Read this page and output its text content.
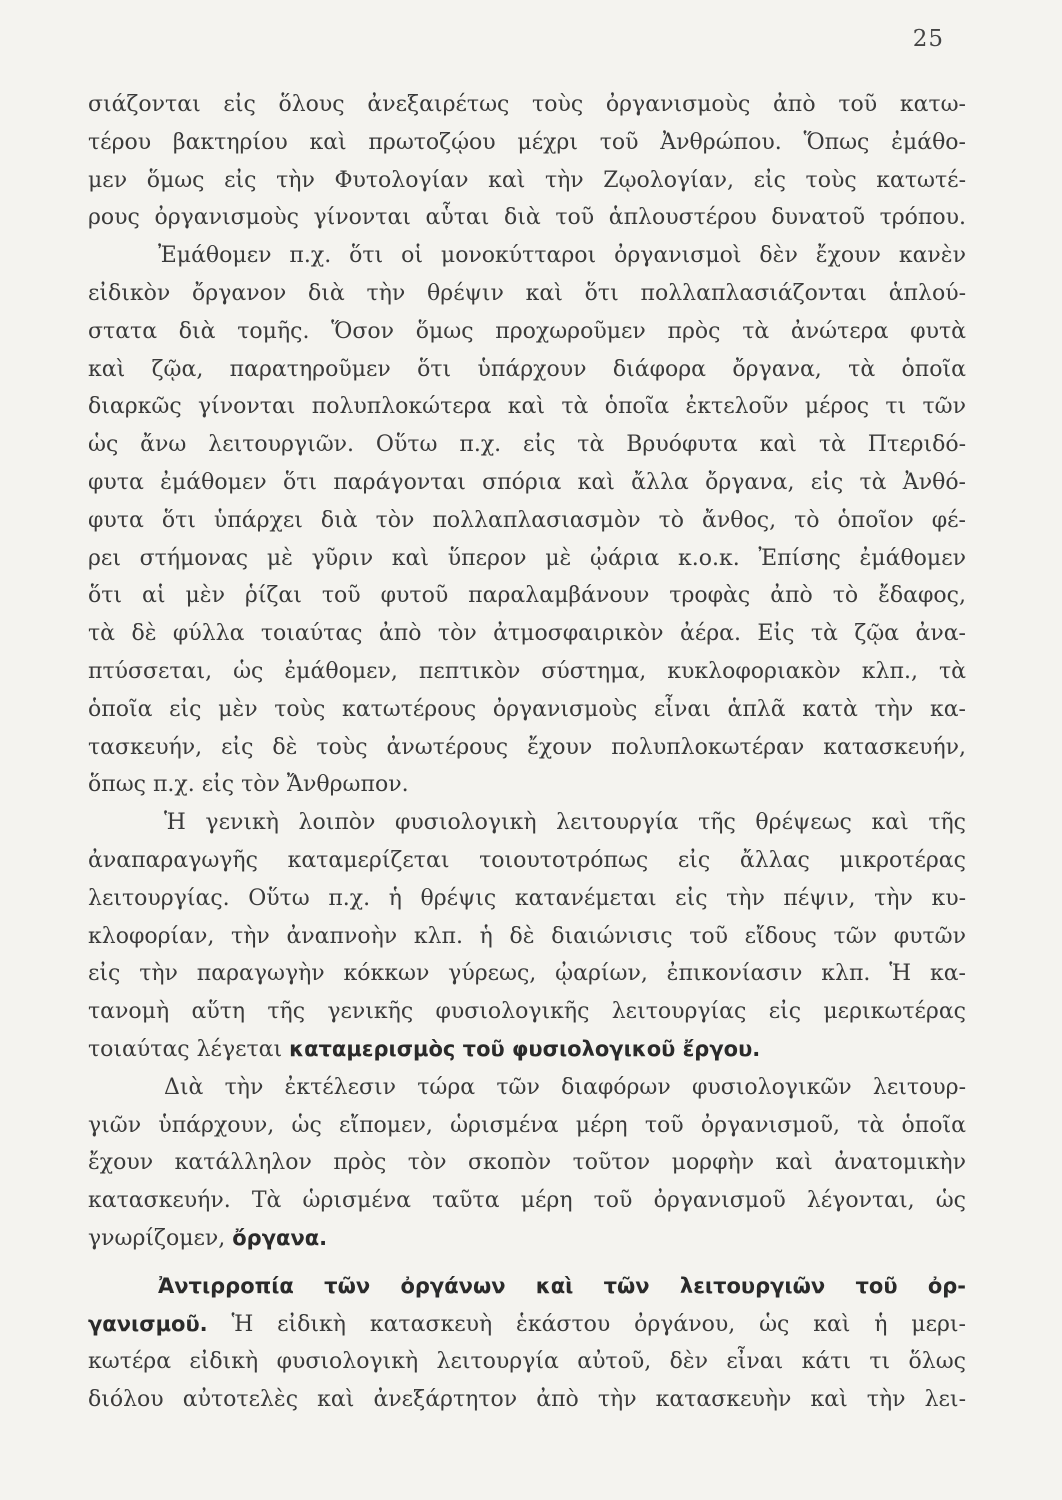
25
σιάζονται εἰς ὅλους ἀνεξαιρέτως τοὺς ὀργανισμοὺς ἀπὸ τοῦ κατω-
τέρου βακτηρίου καὶ πρωτοζῴου μέχρι τοῦ Ἀνθρώπου. Ὅπως ἐμάθο-
μεν ὅμως εἰς τὴν Φυτολογίαν καὶ τὴν Ζῳολογίαν, εἰς τοὺς κατωτέ-
ρους ὀργανισμοὺς γίνονται αὗται διὰ τοῦ ἁπλουστέρου δυνατοῦ τρόπου.
Ἐμάθομεν π.χ. ὅτι οἱ μονοκύτταροι ὀργανισμοὶ δὲν ἔχουν κανὲν
εἰδικὸν ὄργανον διὰ τὴν θρέψιν καὶ ὅτι πολλαπλασιάζονται ἁπλού-
στατα διὰ τομῆς. Ὅσον ὅμως προχωροῦμεν πρὸς τὰ ἀνώτερα φυτὰ
καὶ ζῷα, παρατηροῦμεν ὅτι ὑπάρχουν διάφορα ὄργανα, τὰ ὁποῖα
διαρκῶς γίνονται πολυπλοκώτερα καὶ τὰ ὁποῖα ἐκτελοῦν μέρος τι τῶν
ὡς ἄνω λειτουργιῶν. Οὕτω π.χ. εἰς τὰ Βρυόφυτα καὶ τὰ Πτεριδό-
φυτα ἐμάθομεν ὅτι παράγονται σπόρια καὶ ἄλλα ὄργανα, εἰς τὰ Ἀνθό-
φυτα ὅτι ὑπάρχει διὰ τὸν πολλαπλασιασμὸν τὸ ἄνθος, τὸ ὁποῖον φέ-
ρει στήμονας μὲ γῦριν καὶ ὕπερον μὲ ᾠάρια κ.ο.κ. Ἐπίσης ἐμάθομεν
ὅτι αἱ μὲν ῥίζαι τοῦ φυτοῦ παραλαμβάνουν τροφὰς ἀπὸ τὸ ἔδαφος,
τὰ δὲ φύλλα τοιαύτας ἀπὸ τὸν ἀτμοσφαιρικὸν ἀέρα. Εἰς τὰ ζῷα ἀνα-
πτύσσεται, ὡς ἐμάθομεν, πεπτικὸν σύστημα, κυκλοφοριακὸν κλπ., τὰ
ὁποῖα εἰς μὲν τοὺς κατωτέρους ὀργανισμοὺς εἶναι ἁπλᾶ κατὰ τὴν κα-
τασκευήν, εἰς δὲ τοὺς ἀνωτέρους ἔχουν πολυπλοκωτέραν κατασκευήν,
ὅπως π.χ. εἰς τὸν Ἄνθρωπον.
Ἡ γενικὴ λοιπὸν φυσιολογικὴ λειτουργία τῆς θρέψεως καὶ τῆς
ἀναπαραγωγῆς καταμερίζεται τοιουτοτρόπως εἰς ἄλλας μικροτέρας
λειτουργίας. Οὕτω π.χ. ἡ θρέψις κατανέμεται εἰς τὴν πέψιν, τὴν κυ-
κλοφορίαν, τὴν ἀναπνοὴν κλπ. ἡ δὲ διαιώνισις τοῦ εἴδους τῶν φυτῶν
εἰς τὴν παραγωγὴν κόκκων γύρεως, ᾠαρίων, ἐπικονίασιν κλπ. Ἡ κα-
τανομὴ αὕτη τῆς γενικῆς φυσιολογικῆς λειτουργίας εἰς μερικωτέρας
τοιαύτας λέγεται καταμερισμὸς τοῦ φυσιολογικοῦ ἔργου.
Διὰ τὴν ἐκτέλεσιν τώρα τῶν διαφόρων φυσιολογικῶν λειτουρ-
γιῶν ὑπάρχουν, ὡς εἴπομεν, ὡρισμένα μέρη τοῦ ὀργανισμοῦ, τὰ ὁποῖα
ἔχουν κατάλληλον πρὸς τὸν σκοπὸν τοῦτον μορφὴν καὶ ἀνατομικὴν
κατασκευήν. Τὰ ὡρισμένα ταῦτα μέρη τοῦ ὀργανισμοῦ λέγονται, ὡς
γνωρίζομεν, ὄργανα.
Ἀντιρροπία τῶν ὀργάνων καὶ τῶν λειτουργιῶν τοῦ ὀρ-
γανισμοῦ. Ἡ εἰδικὴ κατασκευὴ ἑκάστου ὀργάνου, ὡς καὶ ἡ μερι-
κωτέρα εἰδικὴ φυσιολογικὴ λειτουργία αὐτοῦ, δὲν εἶναι κάτι τι ὅλως
διόλου αὐτοτελὲς καὶ ἀνεξάρτητον ἀπὸ τὴν κατασκευὴν καὶ τὴν λει-
